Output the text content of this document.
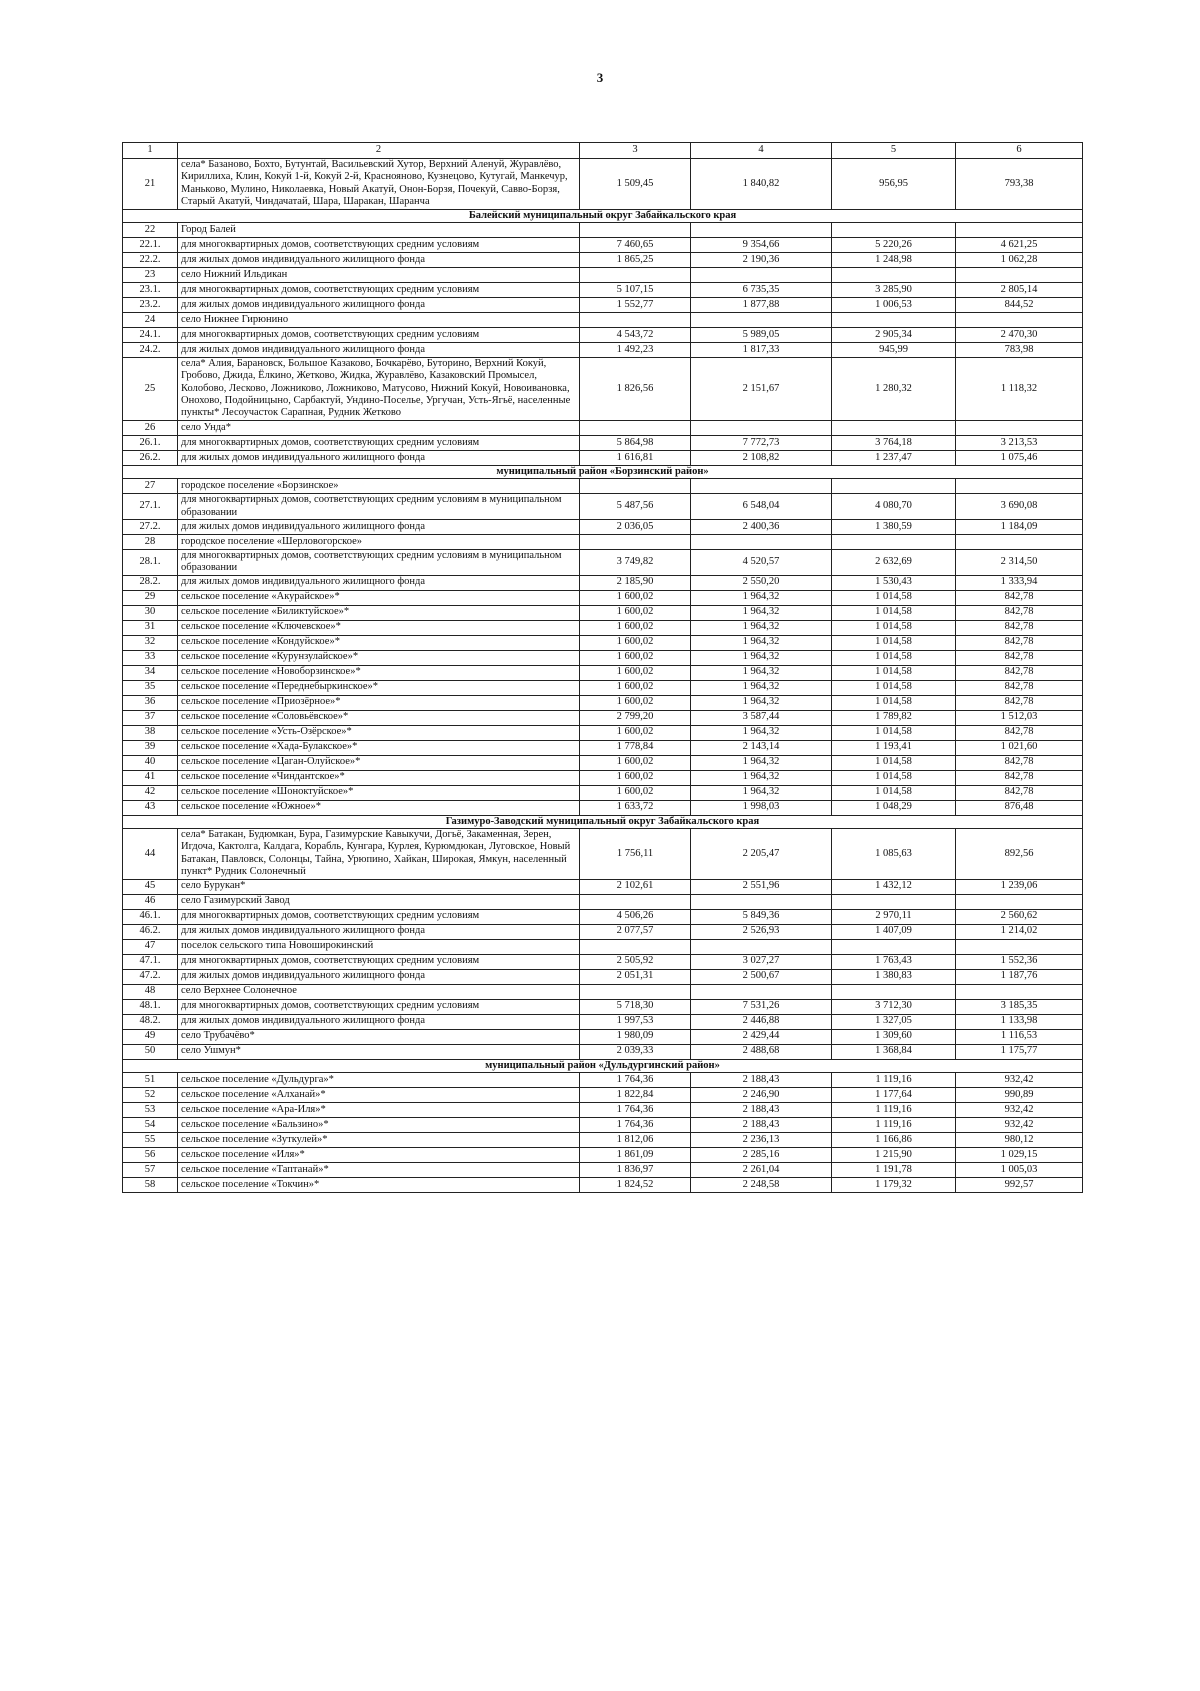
3
1	2	3	4	5	6
21	села* Базаново, Бохто, Бутунтай, Васильевский Хутор, Верхний Аленуй, Журавлёво, Кириллиха, Клин, Кокуй 1-й, Кокуй 2-й, Краснояново, Кузнецово, Кутугай, Манкечур, Маньково, Мулино, Николаевка, Новый Акатуй, Онон-Борзя, Почекуй, Савво-Борзя, Старый Акатуй, Чиндачатай, Шара, Шаракан, Шаранча	1 509,45	1 840,82	956,95	793,38
Балейский муниципальный округ Забайкальского края					
22	Город Балей				
22.1.	для многоквартирных домов, соответствующих средним условиям	7 460,65	9 354,66	5 220,26	4 621,25
22.2.	для жилых домов индивидуального жилищного фонда	1 865,25	2 190,36	1 248,98	1 062,28
23	село Нижний Ильдикан				
23.1.	для многоквартирных домов, соответствующих средним условиям	5 107,15	6 735,35	3 285,90	2 805,14
23.2.	для жилых домов индивидуального жилищного фонда	1 552,77	1 877,88	1 006,53	844,52
24	село Нижнее Гирюнино				
24.1.	для многоквартирных домов, соответствующих средним условиям	4 543,72	5 989,05	2 905,34	2 470,30
24.2.	для жилых домов индивидуального жилищного фонда	1 492,23	1 817,33	945,99	783,98
25	села* Алия, Барановск, Большое Казаково, Бочкарёво, Буторино, Верхний Кокуй, Гробово, Джида, Ёлкино, Жетково, Жидка, Журавлёво, Казаковский Промысел, Колобово, Лесково, Ложниково, Ложниково, Матусово, Нижний Кокуй, Новоивановка, Онохово, Подойницыно, Сарбактуй, Ундино-Поселье, Ургучан, Усть-Ягьё, населенные пункты* Лесоучасток Сарапная, Рудник Жетково	1 826,56	2 151,67	1 280,32	1 118,32
26	село Унда*				
26.1.	для многоквартирных домов, соответствующих средним условиям	5 864,98	7 772,73	3 764,18	3 213,53
26.2.	для жилых домов индивидуального жилищного фонда	1 616,81	2 108,82	1 237,47	1 075,46
муниципальный район «Борзинский район»					
27	городское поселение «Борзинское»				
27.1.	для многоквартирных домов, соответствующих средним условиям в муниципальном образовании	5 487,56	6 548,04	4 080,70	3 690,08
27.2.	для жилых домов индивидуального жилищного фонда	2 036,05	2 400,36	1 380,59	1 184,09
28	городское поселение «Шерловогорское»				
28.1.	для многоквартирных домов, соответствующих средним условиям в муниципальном образовании	3 749,82	4 520,57	2 632,69	2 314,50
28.2.	для жилых домов индивидуального жилищного фонда	2 185,90	2 550,20	1 530,43	1 333,94
29	сельское поселение «Акурайское»*	1 600,02	1 964,32	1 014,58	842,78
30	сельское поселение «Биликтуйское»*	1 600,02	1 964,32	1 014,58	842,78
31	сельское поселение «Ключевское»*	1 600,02	1 964,32	1 014,58	842,78
32	сельское поселение «Кондуйское»*	1 600,02	1 964,32	1 014,58	842,78
33	сельское поселение «Курунзулайское»*	1 600,02	1 964,32	1 014,58	842,78
34	сельское поселение «Новоборзинское»*	1 600,02	1 964,32	1 014,58	842,78
35	сельское поселение «Переднебыркинское»*	1 600,02	1 964,32	1 014,58	842,78
36	сельское поселение «Приозёрное»*	1 600,02	1 964,32	1 014,58	842,78
37	сельское поселение «Соловьёвское»*	2 799,20	3 587,44	1 789,82	1 512,03
38	сельское поселение «Усть-Озёрское»*	1 600,02	1 964,32	1 014,58	842,78
39	сельское поселение «Хада-Булакское»*	1 778,84	2 143,14	1 193,41	1 021,60
40	сельское поселение «Цаган-Олуйское»*	1 600,02	1 964,32	1 014,58	842,78
41	сельское поселение «Чиндантское»*	1 600,02	1 964,32	1 014,58	842,78
42	сельское поселение «Шоноктуйское»*	1 600,02	1 964,32	1 014,58	842,78
43	сельское поселение «Южное»*	1 633,72	1 998,03	1 048,29	876,48
Газимуро-Заводский муниципальный округ Забайкальского края					
44	села* Батакан, Будюмкан, Бура, Газимурские Кавыкучи, Догьё, Закаменная, Зерен, Игдоча, Кактолга, Калдага, Корабль, Кунгара, Курлея, Курюмдюкан, Луговское, Новый Батакан, Павловск, Солонцы, Тайна, Урюпино, Хайкан, Широкая, Ямкун, населенный пункт* Рудник Солонечный	1 756,11	2 205,47	1 085,63	892,56
45	село Бурукан*	2 102,61	2 551,96	1 432,12	1 239,06
46	село Газимурский Завод				
46.1.	для многоквартирных домов, соответствующих средним условиям	4 506,26	5 849,36	2 970,11	2 560,62
46.2.	для жилых домов индивидуального жилищного фонда	2 077,57	2 526,93	1 407,09	1 214,02
47	поселок сельского типа Новоширокинский				
47.1.	для многоквартирных домов, соответствующих средним условиям	2 505,92	3 027,27	1 763,43	1 552,36
47.2.	для жилых домов индивидуального жилищного фонда	2 051,31	2 500,67	1 380,83	1 187,76
48	село Верхнее Солонечное				
48.1.	для многоквартирных домов, соответствующих средним условиям	5 718,30	7 531,26	3 712,30	3 185,35
48.2.	для жилых домов индивидуального жилищного фонда	1 997,53	2 446,88	1 327,05	1 133,98
49	село Трубачёво*	1 980,09	2 429,44	1 309,60	1 116,53
50	село Ушмун*	2 039,33	2 488,68	1 368,84	1 175,77
муниципальный район «Дульдургинский район»					
51	сельское поселение «Дульдурга»*	1 764,36	2 188,43	1 119,16	932,42
52	сельское поселение «Алханай»*	1 822,84	2 246,90	1 177,64	990,89
53	сельское поселение «Ара-Иля»*	1 764,36	2 188,43	1 119,16	932,42
54	сельское поселение «Бальзино»*	1 764,36	2 188,43	1 119,16	932,42
55	сельское поселение «Зуткулей»*	1 812,06	2 236,13	1 166,86	980,12
56	сельское поселение «Иля»*	1 861,09	2 285,16	1 215,90	1 029,15
57	сельское поселение «Таптанай»*	1 836,97	2 261,04	1 191,78	1 005,03
58	сельское поселение «Токчин»*	1 824,52	2 248,58	1 179,32	992,57
